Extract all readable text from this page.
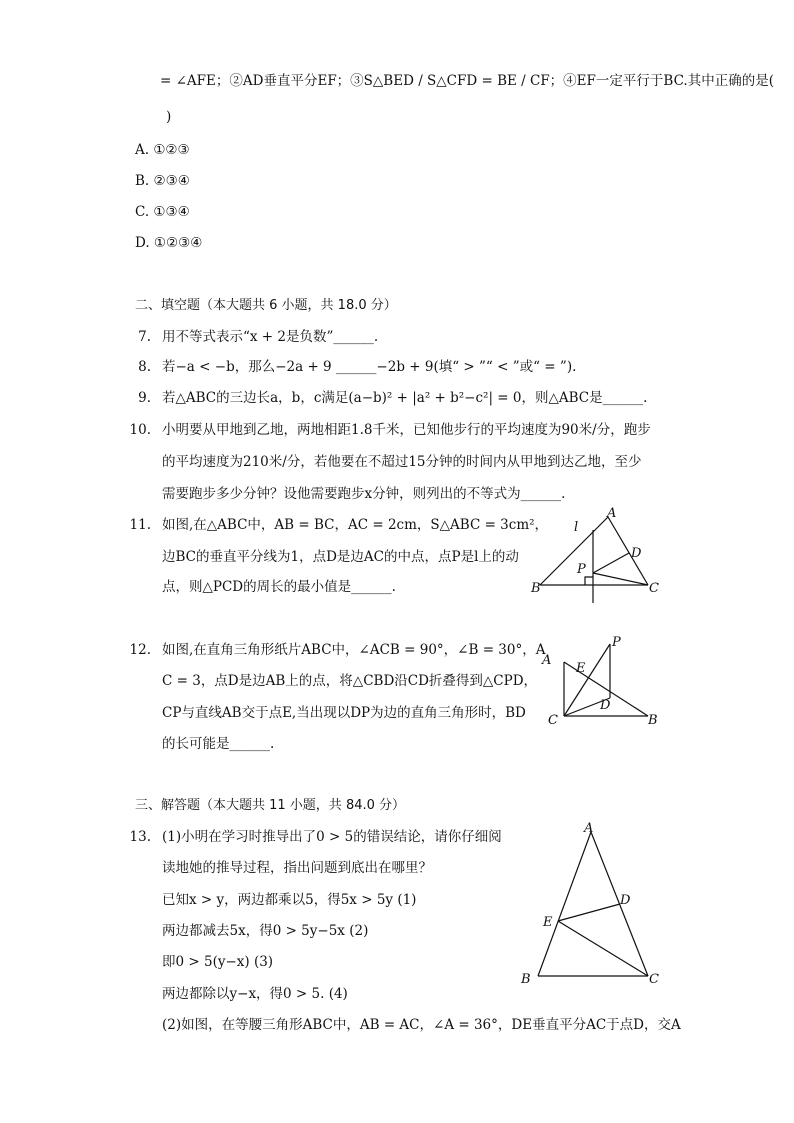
= ∠AFE；②AD垂直平分EF；③S△BED / S△CFD = BE / CF；④EF一定平行于BC.其中正确的是(
)
A. ①②③
B. ②③④
C. ①③④
D. ①②③④
二、填空题（本大题共 6 小题，共 18.0 分）
7. 用不等式表示“x + 2是负数”______.
8. 若−a < −b，那么−2a + 9 ______−2b + 9(填“ > ”“ < ”或“ = ”).
9. 若△ABC的三边长a，b，c满足(a−b)² + |a² + b²−c²| = 0，则△ABC是______.
10. 小明要从甲地到乙地，两地相距1.8千米，已知他步行的平均速度为90米/分，跑步
的平均速度为210米/分，若他要在不超过15分钟的时间内从甲地到达乙地，至少
需要跑步多少分钟？设他需要跑步x分钟，则列出的不等式为______.
11. 如图,在△ABC中，AB = BC，AC = 2cm，S△ABC = 3cm²，
边BC的垂直平分线为1，点D是边AC的中点，点P是l上的动
点，则△PCD的周长的最小值是______.
l
A
D
P
B	C
12. 如图,在直角三角形纸片ABC中，∠ACB = 90°，∠B = 30°，A
C = 3，点D是边AB上的点，将△CBD沿CD折叠得到△CPD，
CP与直线AB交于点E,当出现以DP为边的直角三角形时，BD
的长可能是______.
P
A
E
D
C	B
三、解答题（本大题共 11 小题，共 84.0 分）
13. (1)小明在学习时推导出了0 > 5的错误结论，请你仔细阅
读地她的推导过程，指出问题到底出在哪里？
已知x > y，两边都乘以5，得5x > 5y (1)
两边都减去5x，得0 > 5y−5x (2)
即0 > 5(y−x) (3)
两边都除以y−x，得0 > 5. (4)
(2)如图，在等腰三角形ABC中，AB = AC，∠A = 36°，DE垂直平分AC于点D，交A
A
D
E
B	C
